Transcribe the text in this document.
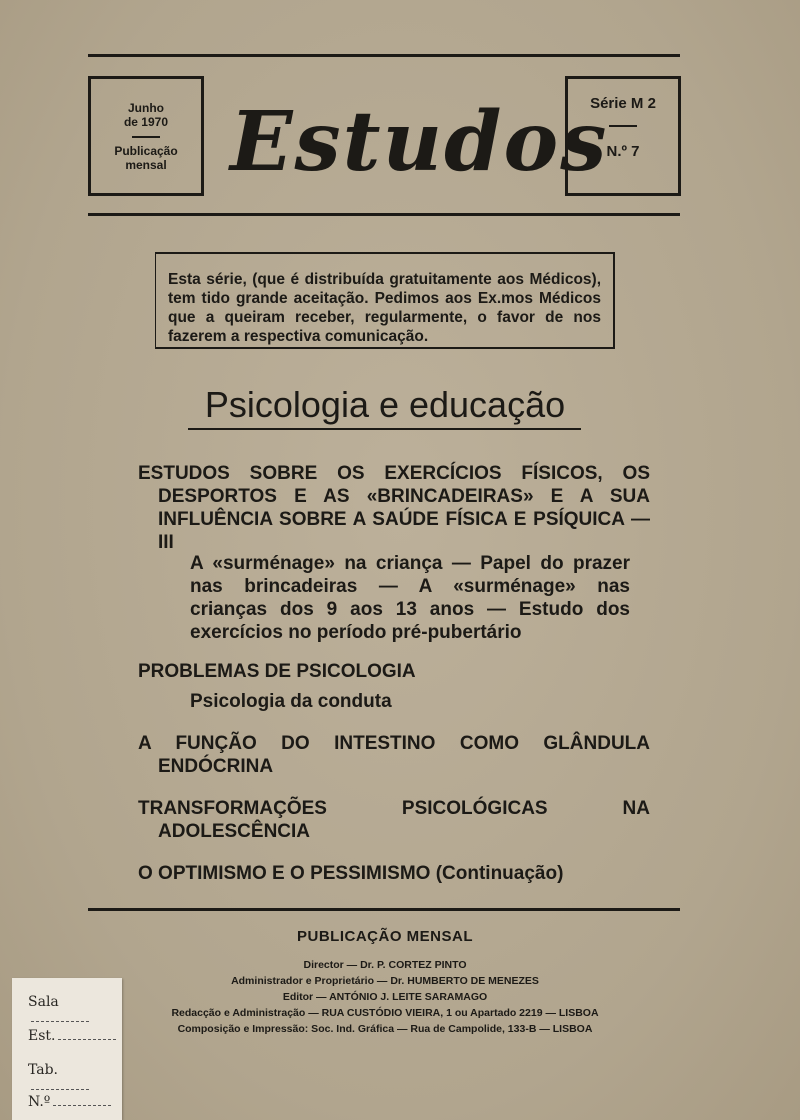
Junho
de 1970
Publicação
mensal Estudos
Série M 2
N.º 7
Esta série, (que é distribuída gratuitamente aos Médicos), tem tido grande aceitação. Pedimos aos Ex.mos Médicos que a queiram receber, regularmente, o favor de nos fazerem a respectiva comunicação.
Psicologia e educação

ESTUDOS SOBRE OS EXERCÍCIOS FÍSICOS, OS DESPORTOS E AS «BRINCADEIRAS» E A SUA INFLUÊNCIA SOBRE A SAÚDE FÍSICA E PSÍQUICA — III

A «surménage» na criança — Papel do prazer nas brincadeiras — A «surménage» nas crianças dos 9 aos 13 anos — Estudo dos exercícios no período pré-pubertário

PROBLEMAS DE PSICOLOGIA

Psicologia da conduta

A FUNÇÃO DO INTESTINO COMO GLÂNDULA ENDÓCRINA

TRANSFORMAÇÕES PSICOLÓGICAS NA ADOLESCÊNCIA

O OPTIMISMO E O PESSIMISMO (Continuação)

PUBLICAÇÃO MENSAL
Director — Dr. P. CORTEZ PINTO
Administrador e Proprietário — Dr. HUMBERTO DE MENEZES
Editor — ANTÓNIO J. LEITE SARAMAGO
Redacção e Administração — RUA CUSTÓDIO VIEIRA, 1 ou Apartado 2219 — LISBOA
Composição e Impressão: Soc. Ind. Gráfica — Rua de Campolide, 133-B — LISBOA
Sala
Est.
Tab.
N.º
